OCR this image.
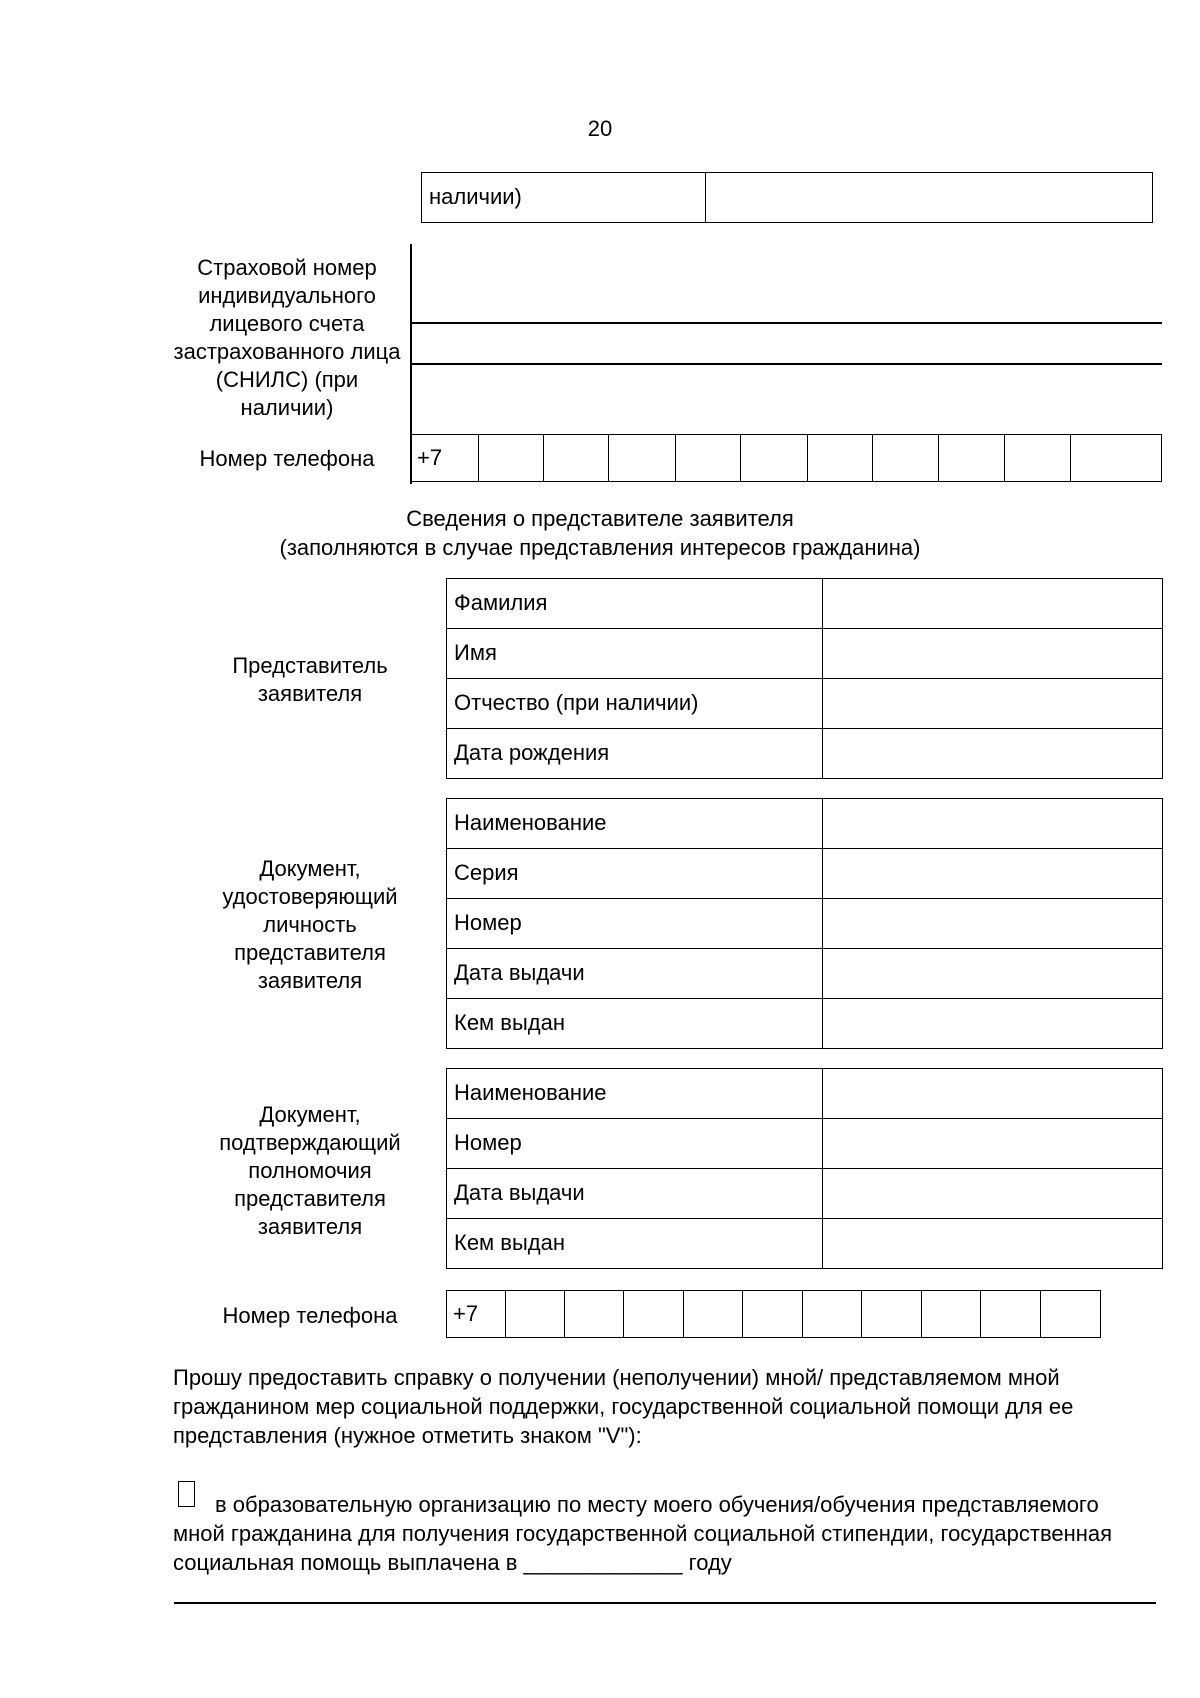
20
наличии)	
Страховой номер индивидуального лицевого счета застрахованного лица (СНИЛС) (при наличии)
Номер телефона	+7										
Сведения о представителе заявителя
(заполняются в случае представления интересов гражданина)
Представитель заявителя
Фамилия	
Имя	
Отчество (при наличии)	
Дата рождения	
Документ, удостоверяющий личность представителя заявителя
Наименование	
Серия	
Номер	
Дата выдачи	
Кем выдан	
Документ, подтверждающий полномочия представителя заявителя
Наименование	
Номер	
Дата выдачи	
Кем выдан	
Номер телефона	+7										
Прошу предоставить справку о получении (неполучении) мной/ представляемом мной гражданином мер социальной поддержки, государственной социальной помощи для ее представления (нужное отметить знаком "V"):
в образовательную организацию по месту моего обучения/обучения представляемого мной гражданина для получения государственной социальной стипендии, государственная социальная помощь выплачена в _____________ году
